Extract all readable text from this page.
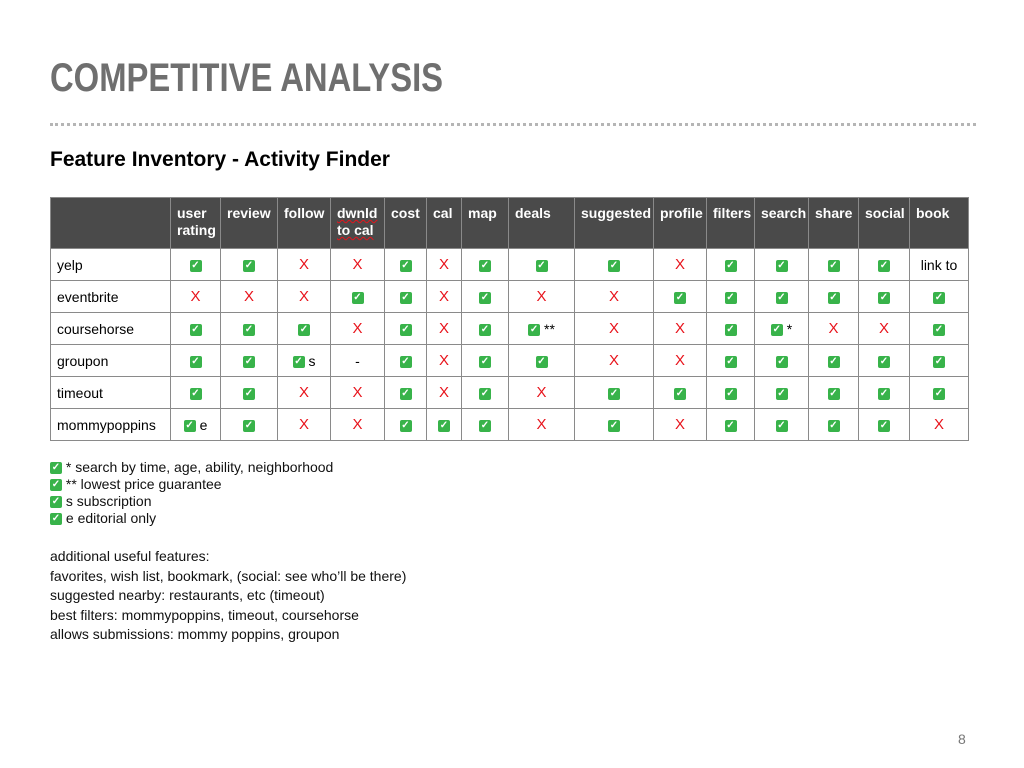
COMPETITIVE ANALYSIS
Feature Inventory - Activity Finder
	user rating	review	follow	dwnld to cal	cost	cal	map	deals	suggested	profile	filters	search	share	social	book
yelp	✓	✓	X	X	✓	X	✓	✓	✓	X	✓	✓	✓	✓	link to
eventbrite	X	X	X	✓	✓	X	✓	X	X	✓	✓	✓	✓	✓	✓
coursehorse	✓	✓	✓	X	✓	X	✓	✓ **	X	X	✓	✓ *	X	X	✓
groupon	✓	✓	✓ s	-	✓	X	✓	✓	X	X	✓	✓	✓	✓	✓
timeout	✓	✓	X	X	✓	X	✓	X	✓	✓	✓	✓	✓	✓	✓
mommypoppins	✓ e	✓	X	X	✓	✓	✓	X	✓	X	✓	✓	✓	✓	X
✓ * search by time, age, ability, neighborhood
✓ ** lowest price guarantee
✓ s subscription
✓ e editorial only
additional useful features:
favorites, wish list, bookmark, (social: see who’ll be there)
suggested nearby: restaurants, etc (timeout)
best filters: mommypoppins, timeout, coursehorse
allows submissions: mommy poppins, groupon
8
